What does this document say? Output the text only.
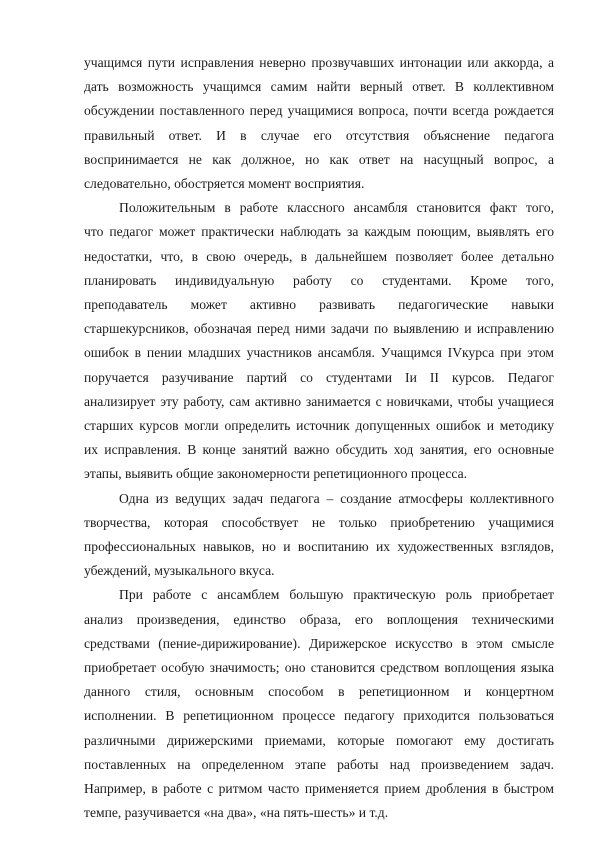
учащимся пути исправления неверно прозвучавших интонации или аккорда, а
дать возможность учащимся самим найти верный ответ. В коллективном
обсуждении поставленного перед учащимися вопроса, почти всегда рождается
правильный ответ. И в случае его отсутствия объяснение педагога
воспринимается не как должное, но как ответ на насущный вопрос, а
следовательно, обостряется момент восприятия.
Положительным в работе классного ансамбля становится факт того,
что педагог может практически наблюдать за каждым поющим, выявлять его
недостатки, что, в свою очередь, в дальнейшем позволяет более детально
планировать индивидуальную работу со студентами. Кроме того,
преподаватель может активно развивать педагогические навыки
старшекурсников, обозначая перед ними задачи по выявлению и исправлению
ошибок в пении младших участников ансамбля. Учащимся IVкурса при этом
поручается разучивание партий со студентами Iи II курсов. Педагог
анализирует эту работу, сам активно занимается с новичками, чтобы учащиеся
старших курсов могли определить источник допущенных ошибок и методику
их исправления. В конце занятий важно обсудить ход занятия, его основные
этапы, выявить общие закономерности репетиционного процесса.
Одна из ведущих задач педагога – создание атмосферы коллективного
творчества, которая способствует не только приобретению учащимися
профессиональных навыков, но и воспитанию их художественных взглядов,
убеждений, музыкального вкуса.
При работе с ансамблем большую практическую роль приобретает
анализ произведения, единство образа, его воплощения техническими
средствами (пение-дирижирование). Дирижерское искусство в этом смысле
приобретает особую значимость; оно становится средством воплощения языка
данного стиля, основным способом в репетиционном и концертном
исполнении. В репетиционном процессе педагогу приходится пользоваться
различными дирижерскими приемами, которые помогают ему достигать
поставленных на определенном этапе работы над произведением задач.
Например, в работе с ритмом часто применяется прием дробления в быстром
темпе, разучивается «на два», «на пять-шесть» и т.д.
